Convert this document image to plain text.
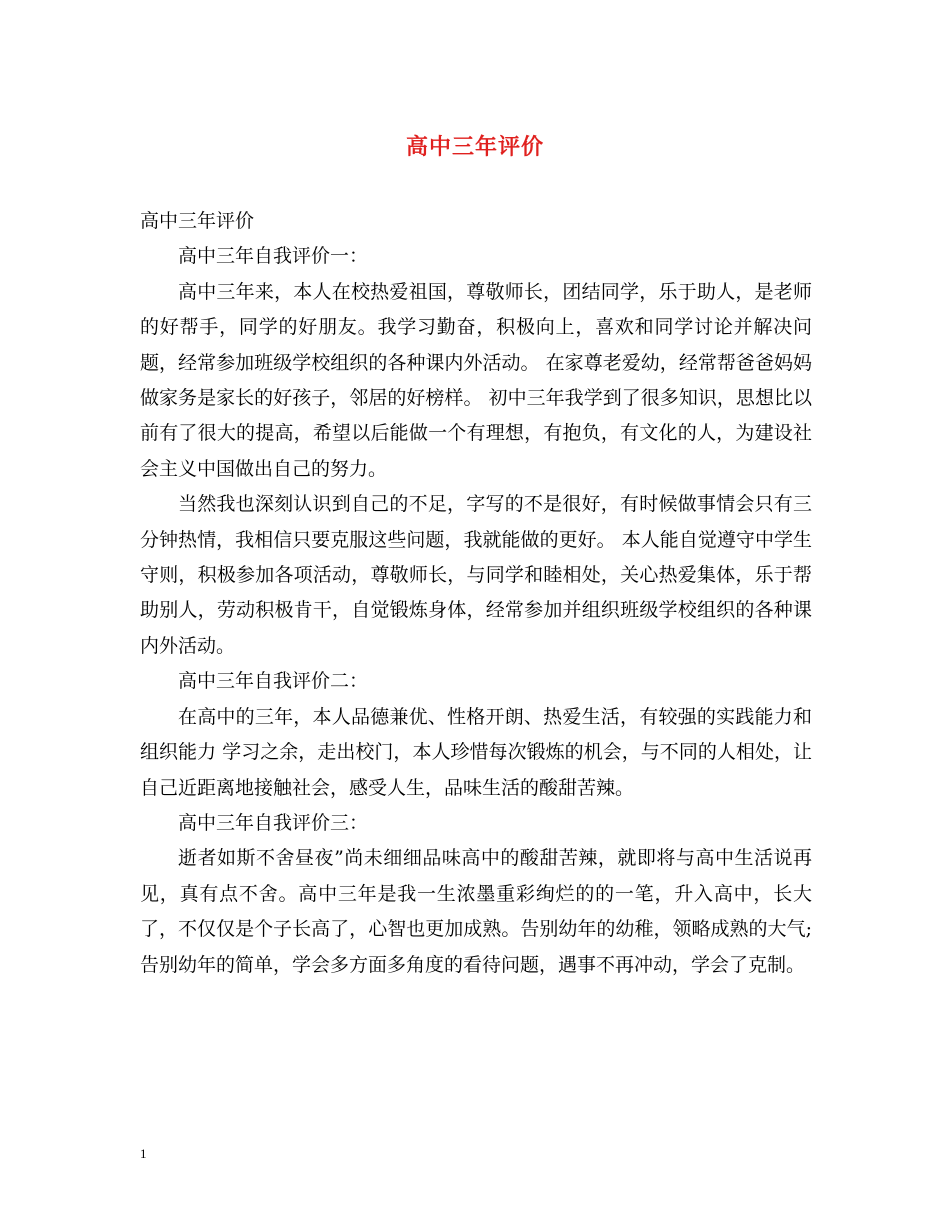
高中三年评价

高中三年评价

高中三年自我评价一：

高中三年来，本人在校热爱祖国，尊敬师长，团结同学，乐于助人，是老师的好帮手，同学的好朋友。我学习勤奋，积极向上，喜欢和同学讨论并解决问题，经常参加班级学校组织的各种课内外活动。 在家尊老爱幼，经常帮爸爸妈妈做家务是家长的好孩子，邻居的好榜样。 初中三年我学到了很多知识，思想比以前有了很大的提高，希望以后能做一个有理想，有抱负，有文化的人，为建设社会主义中国做出自己的努力。

当然我也深刻认识到自己的不足，字写的不是很好，有时候做事情会只有三分钟热情，我相信只要克服这些问题，我就能做的更好。 本人能自觉遵守中学生守则，积极参加各项活动，尊敬师长，与同学和睦相处，关心热爱集体，乐于帮助别人，劳动积极肯干，自觉锻炼身体，经常参加并组织班级学校组织的各种课内外活动。

高中三年自我评价二：

在高中的三年，本人品德兼优、性格开朗、热爱生活，有较强的实践能力和组织能力 学习之余，走出校门，本人珍惜每次锻炼的机会，与不同的人相处，让自己近距离地接触社会，感受人生，品味生活的酸甜苦辣。

高中三年自我评价三：

逝者如斯不舍昼夜”尚未细细品味高中的酸甜苦辣，就即将与高中生活说再见，真有点不舍。高中三年是我一生浓墨重彩绚烂的的一笔，升入高中，长大了，不仅仅是个子长高了，心智也更加成熟。告别幼年的幼稚，领略成熟的大气;告别幼年的简单，学会多方面多角度的看待问题，遇事不再冲动，学会了克制。

1
